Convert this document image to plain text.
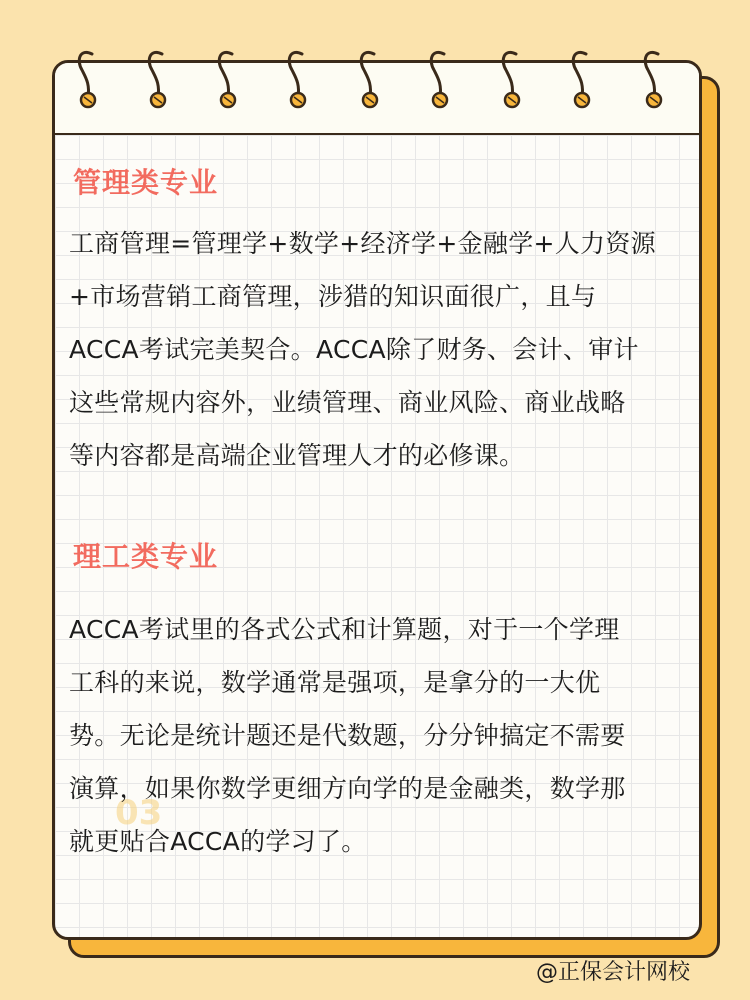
管理类专业
工商管理=管理学+数学+经济学+金融学+人力资源
+市场营销工商管理，涉猎的知识面很广，且与
ACCA考试完美契合。ACCA除了财务、会计、审计
这些常规内容外，业绩管理、商业风险、商业战略
等内容都是高端企业管理人才的必修课。
03
理工类专业
ACCA考试里的各式公式和计算题，对于一个学理
工科的来说，数学通常是强项，是拿分的一大优
势。无论是统计题还是代数题，分分钟搞定不需要
演算，如果你数学更细方向学的是金融类，数学那
就更贴合ACCA的学习了。
@正保会计网校
